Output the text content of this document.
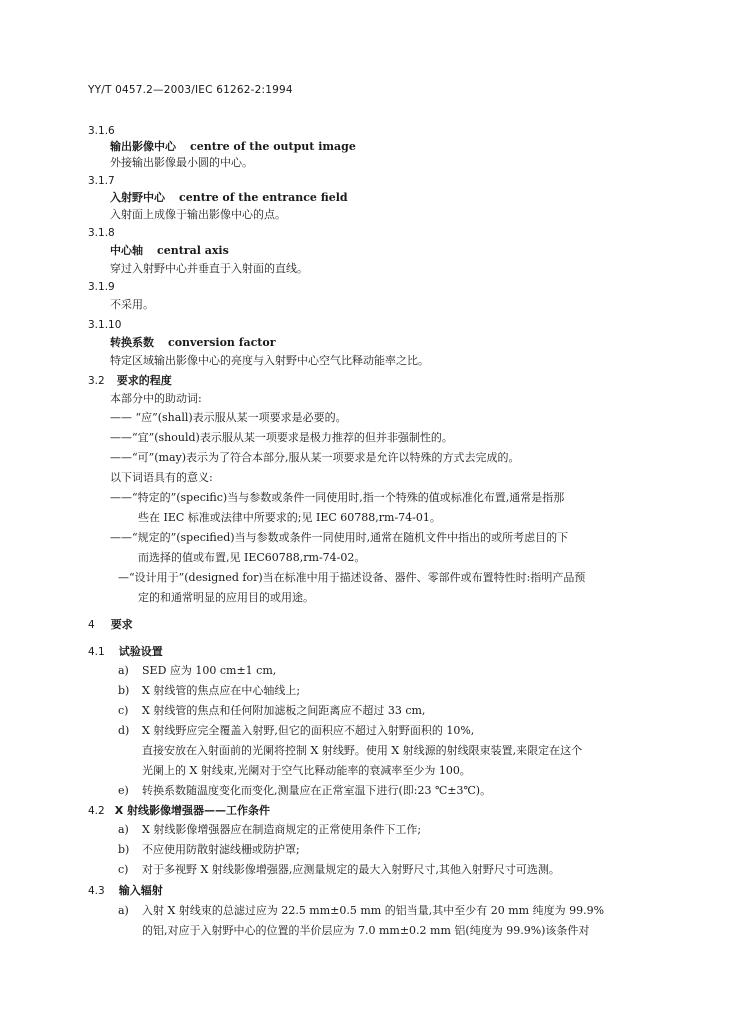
YY/T 0457.2—2003/IEC 61262-2:1994
3.1.6
输出影像中心 centre of the output image
外接输出影像最小圆的中心。
3.1.7
入射野中心 centre of the entrance field
入射面上成像于输出影像中心的点。
3.1.8
中心轴 central axis
穿过入射野中心并垂直于入射面的直线。
3.1.9
不采用。
3.1.10
转换系数 conversion factor
特定区域输出影像中心的亮度与入射野中心空气比释动能率之比。
3.2 要求的程度
本部分中的助动词:
—— “应”(shall)表示服从某一项要求是必要的。
——“宜”(should)表示服从某一项要求是极力推荐的但并非强制性的。
——“可”(may)表示为了符合本部分,服从某一项要求是允许以特殊的方式去完成的。
以下词语具有的意义:
——“特定的”(specific)当与参数或条件一同使用时,指一个特殊的值或标准化布置,通常是指那
些在 IEC 标准或法律中所要求的;见 IEC 60788,rm-74-01。
——“规定的”(specified)当与参数或条件一同使用时,通常在随机文件中指出的或所考虑目的下
而选择的值或布置,见 IEC60788,rm-74-02。
—“设计用于”(designed for)当在标准中用于描述设备、器件、零部件或布置特性时:指明产品预
定的和通常明显的应用目的或用途。
4 要求
4.1 试验设置
a) SED 应为 100 cm±1 cm,
b) X 射线管的焦点应在中心轴线上;
c) X 射线管的焦点和任何附加滤板之间距离应不超过 33 cm,
d) X 射线野应完全覆盖入射野,但它的面积应不超过入射野面积的 10%,
直接安放在入射面前的光阑将控制 X 射线野。使用 X 射线源的射线限束装置,来限定在这个
光阑上的 X 射线束,光阑对于空气比释动能率的衰减率至少为 100。
e) 转换系数随温度变化而变化,测量应在正常室温下进行(即:23 ℃±3℃)。
4.2 X 射线影像增强器——工作条件
a) X 射线影像增强器应在制造商规定的正常使用条件下工作;
b) 不应使用防散射滤线栅或防护罩;
c) 对于多视野 X 射线影像增强器,应测量规定的最大入射野尺寸,其他入射野尺寸可选测。
4.3 输入辐射
a) 入射 X 射线束的总滤过应为 22.5 mm±0.5 mm 的铝当量,其中至少有 20 mm 纯度为 99.9%
的铝,对应于入射野中心的位置的半价层应为 7.0 mm±0.2 mm 铝(纯度为 99.9%)该条件对
